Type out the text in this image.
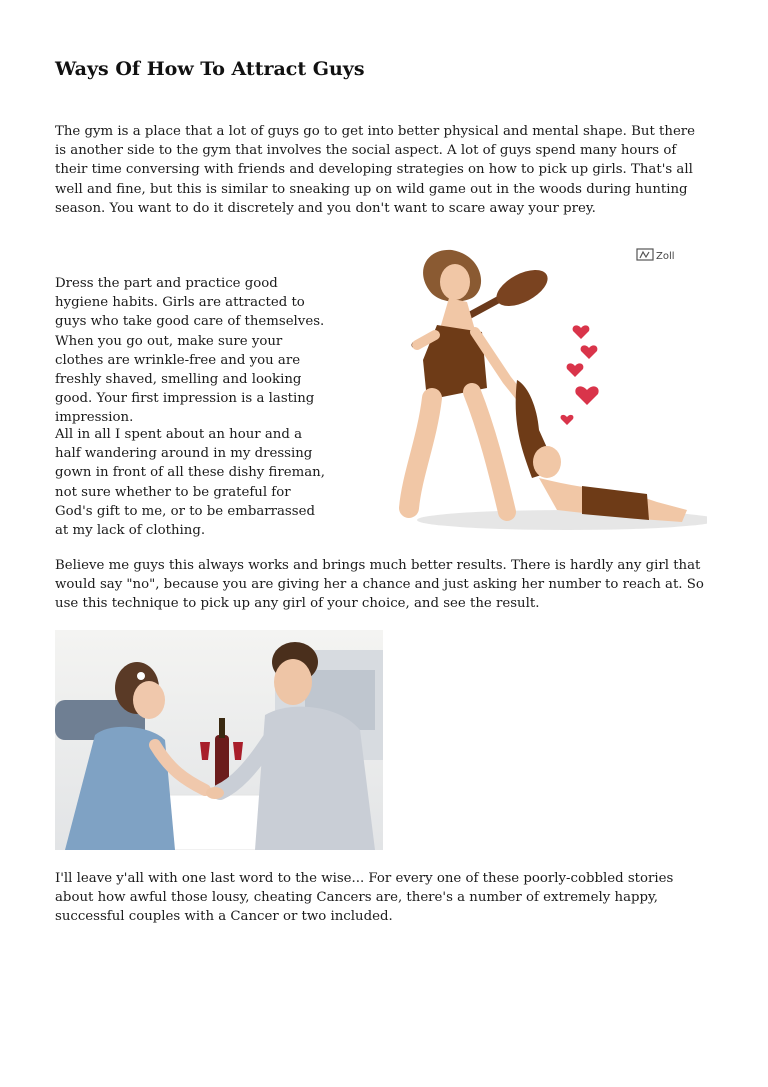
Ways Of How To Attract Guys

The gym is a place that a lot of guys go to get into better physical and mental shape. But there is another side to the gym that involves the social aspect. A lot of guys spend many hours of their time conversing with friends and developing strategies on how to pick up girls. That's all well and fine, but this is similar to sneaking up on wild game out in the woods during hunting season. You want to do it discretely and you don't want to scare away your prey.

Dress the part and practice good hygiene habits. Girls are attracted to guys who take good care of themselves. When you go out, make sure your clothes are wrinkle-free and you are freshly shaved, smelling and looking good. Your first impression is a lasting impression.

All in all I spent about an hour and a half wandering around in my dressing gown in front of all these dishy fireman, not sure whether to be grateful for God's gift to me, or to be embarrassed at my lack of clothing.

Zoll

Believe me guys this always works and brings much better results. There is hardly any girl that would say "no", because you are giving her a chance and just asking her number to reach at. So use this technique to pick up any girl of your choice, and see the result.

I'll leave y'all with one last word to the wise... For every one of these poorly-cobbled stories about how awful those lousy, cheating Cancers are, there's a number of extremely happy, successful couples with a Cancer or two included.
